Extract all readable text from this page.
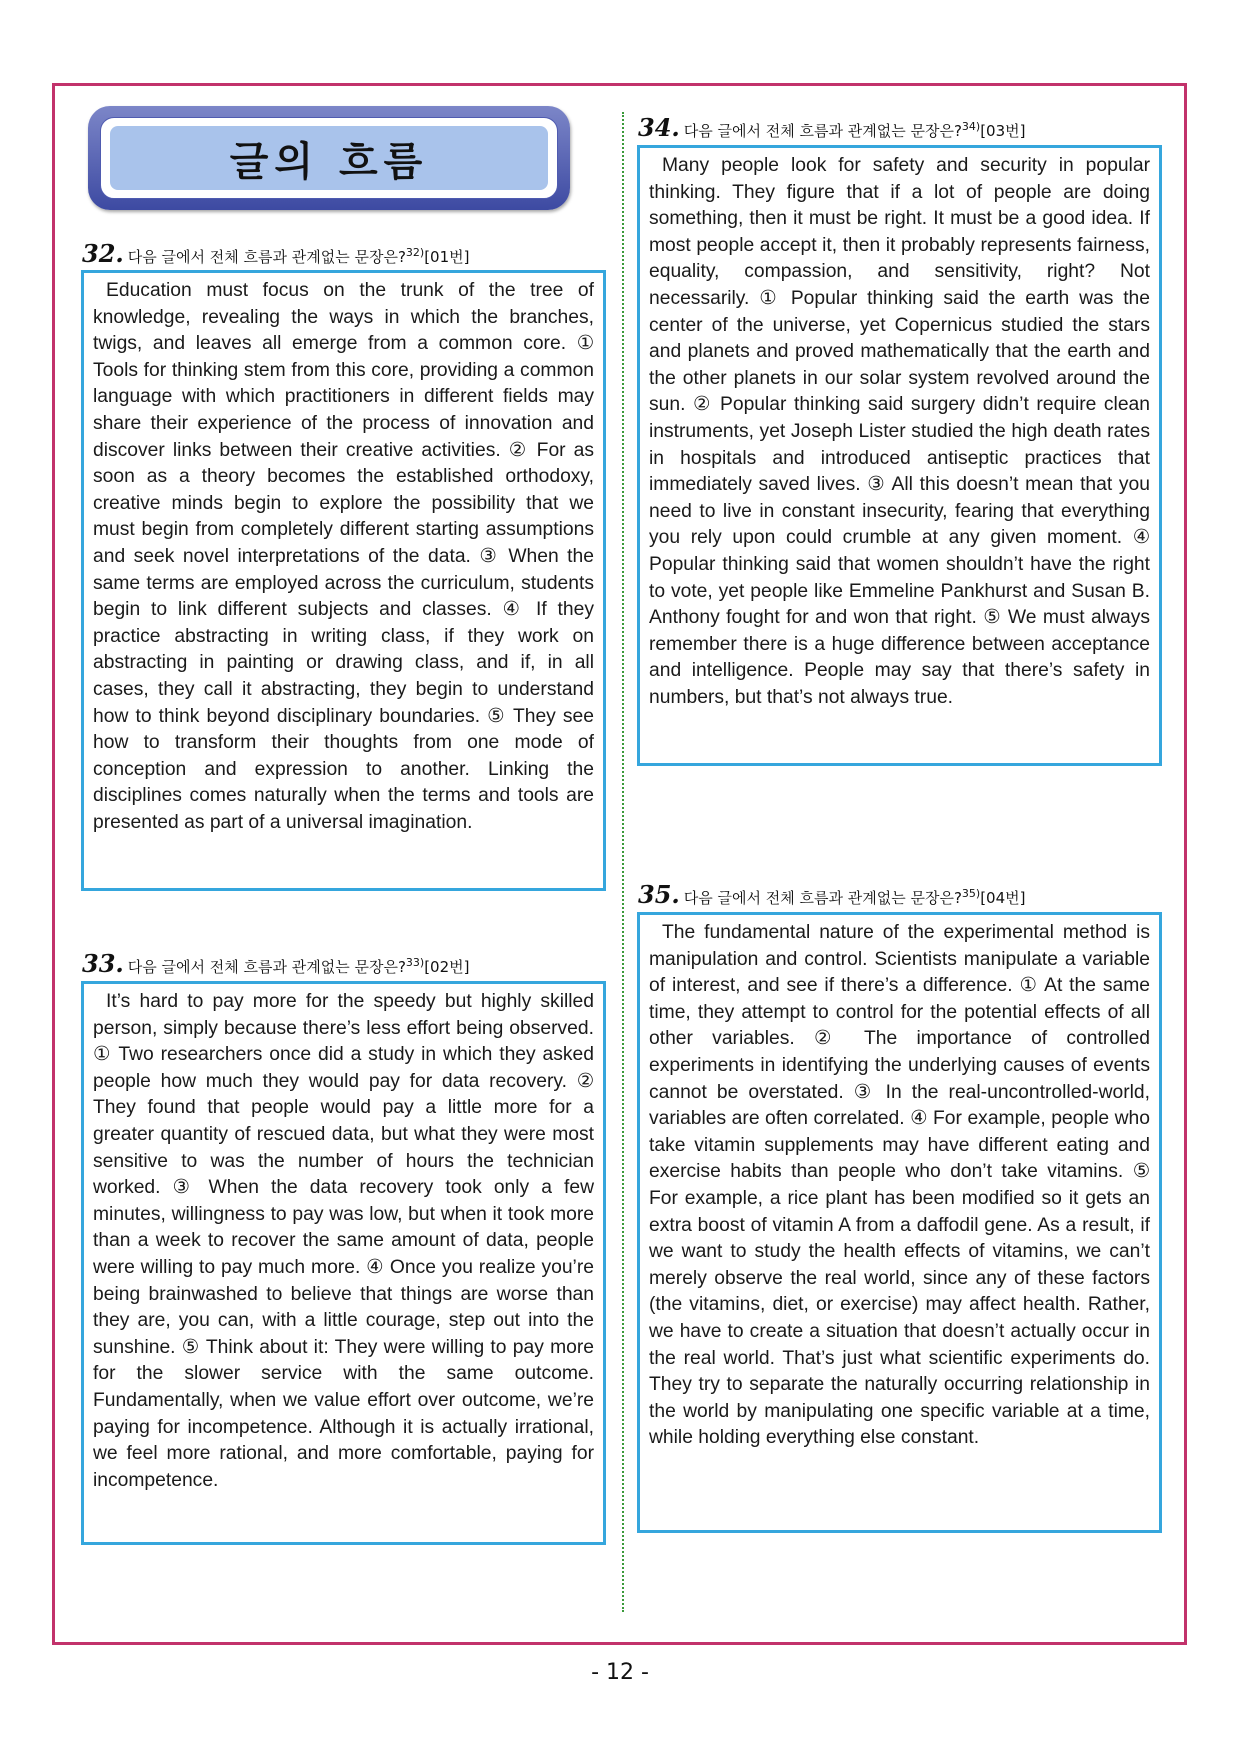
글의 흐름
32. 다음 글에서 전체 흐름과 관계없는 문장은?$^{32)}$[01번]

Education must focus on the trunk of the tree of knowledge, revealing the ways in which the branches, twigs, and leaves all emerge from a common core. ① Tools for thinking stem from this core, providing a common language with which practitioners in different fields may share their experience of the process of innovation and discover links between their creative activities. ② For as soon as a theory becomes the established orthodoxy, creative minds begin to explore the possibility that we must begin from completely different starting assumptions and seek novel interpretations of the data. ③ When the same terms are employed across the curriculum, students begin to link different subjects and classes. ④ If they practice abstracting in writing class, if they work on abstracting in painting or drawing class, and if, in all cases, they call it abstracting, they begin to understand how to think beyond disciplinary boundaries. ⑤ They see how to transform their thoughts from one mode of conception and expression to another. Linking the disciplines comes naturally when the terms and tools are presented as part of a universal imagination.

33. 다음 글에서 전체 흐름과 관계없는 문장은?$^{33)}$[02번]

It’s hard to pay more for the speedy but highly skilled person, simply because there’s less effort being observed. ① Two researchers once did a study in which they asked people how much they would pay for data recovery. ② They found that people would pay a little more for a greater quantity of rescued data, but what they were most sensitive to was the number of hours the technician worked. ③ When the data recovery took only a few minutes, willingness to pay was low, but when it took more than a week to recover the same amount of data, people were willing to pay much more. ④ Once you realize you’re being brainwashed to believe that things are worse than they are, you can, with a little courage, step out into the sunshine. ⑤ Think about it: They were willing to pay more for the slower service with the same outcome. Fundamentally, when we value effort over outcome, we’re paying for incompetence. Although it is actually irrational, we feel more rational, and more comfortable, paying for incompetence.

34. 다음 글에서 전체 흐름과 관계없는 문장은?$^{34)}$[03번]

Many people look for safety and security in popular thinking. They figure that if a lot of people are doing something, then it must be right. It must be a good idea. If most people accept it, then it probably represents fairness, equality, compassion, and sensitivity, right? Not necessarily. ① Popular thinking said the earth was the center of the universe, yet Copernicus studied the stars and planets and proved mathematically that the earth and the other planets in our solar system revolved around the sun. ② Popular thinking said surgery didn’t require clean instruments, yet Joseph Lister studied the high death rates in hospitals and introduced antiseptic practices that immediately saved lives. ③ All this doesn’t mean that you need to live in constant insecurity, fearing that everything you rely upon could crumble at any given moment. ④ Popular thinking said that women shouldn’t have the right to vote, yet people like Emmeline Pankhurst and Susan B. Anthony fought for and won that right. ⑤ We must always remember there is a huge difference between acceptance and intelligence. People may say that there’s safety in numbers, but that’s not always true.

35. 다음 글에서 전체 흐름과 관계없는 문장은?$^{35)}$[04번]

The fundamental nature of the experimental method is manipulation and control. Scientists manipulate a variable of interest, and see if there’s a difference. ① At the same time, they attempt to control for the potential effects of all other variables. ② The importance of controlled experiments in identifying the underlying causes of events cannot be overstated. ③ In the real-uncontrolled-world, variables are often correlated. ④ For example, people who take vitamin supplements may have different eating and exercise habits than people who don’t take vitamins. ⑤ For example, a rice plant has been modified so it gets an extra boost of vitamin A from a daffodil gene. As a result, if we want to study the health effects of vitamins, we can’t merely observe the real world, since any of these factors (the vitamins, diet, or exercise) may affect health. Rather, we have to create a situation that doesn’t actually occur in the real world. That’s just what scientific experiments do. They try to separate the naturally occurring relationship in the world by manipulating one specific variable at a time, while holding everything else constant.

- 12 -
